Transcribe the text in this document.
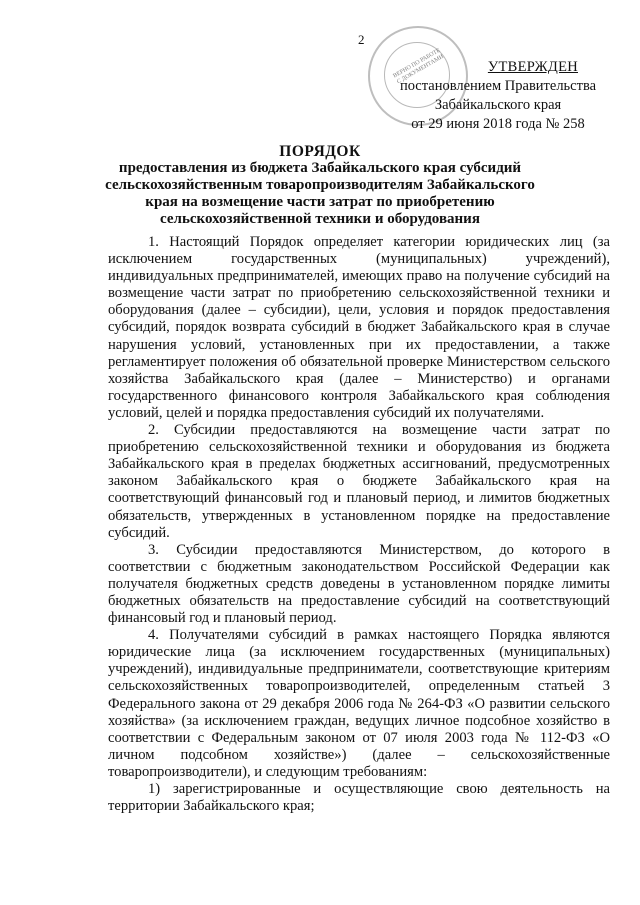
2
ВЕРНО ПО РАБОТЕ С ДОКУМЕНТАМИ	УТВЕРЖДЕН
постановлением Правительства
Забайкальского края
от 29 июня 2018 года № 258
ПОРЯДОК
предоставления из бюджета Забайкальского края субсидий сельскохозяйственным товаропроизводителям Забайкальского края на возмещение части затрат по приобретению сельскохозяйственной техники и оборудования

1. Настоящий Порядок определяет категории юридических лиц (за исключением государственных (муниципальных) учреждений), индивидуальных предпринимателей, имеющих право на получение субсидий на возмещение части затрат по приобретению сельскохозяйственной техники и оборудования (далее – субсидии), цели, условия и порядок предоставления субсидий, порядок возврата субсидий в бюджет Забайкальского края в случае нарушения условий, установленных при их предоставлении, а также регламентирует положения об обязательной проверке Министерством сельского хозяйства Забайкальского края (далее – Министерство) и органами государственного финансового контроля Забайкальского края соблюдения условий, целей и порядка предоставления субсидий их получателями.

2. Субсидии предоставляются на возмещение части затрат по приобретению сельскохозяйственной техники и оборудования из бюджета Забайкальского края в пределах бюджетных ассигнований, предусмотренных законом Забайкальского края о бюджете Забайкальского края на соответствующий финансовый год и плановый период, и лимитов бюджетных обязательств, утвержденных в установленном порядке на предоставление субсидий.

3. Субсидии предоставляются Министерством, до которого в соответствии с бюджетным законодательством Российской Федерации как получателя бюджетных средств доведены в установленном порядке лимиты бюджетных обязательств на предоставление субсидий на соответствующий финансовый год и плановый период.

4. Получателями субсидий в рамках настоящего Порядка являются юридические лица (за исключением государственных (муниципальных) учреждений), индивидуальные предприниматели, соответствующие критериям сельскохозяйственных товаропроизводителей, определенным статьей 3 Федерального закона от 29 декабря 2006 года № 264-ФЗ «О развитии сельского хозяйства» (за исключением граждан, ведущих личное подсобное хозяйство в соответствии с Федеральным законом от 07 июля 2003 года № 112-ФЗ «О личном подсобном хозяйстве») (далее – сельскохозяйственные товаропроизводители), и следующим требованиям:

1) зарегистрированные и осуществляющие свою деятельность на территории Забайкальского края;
